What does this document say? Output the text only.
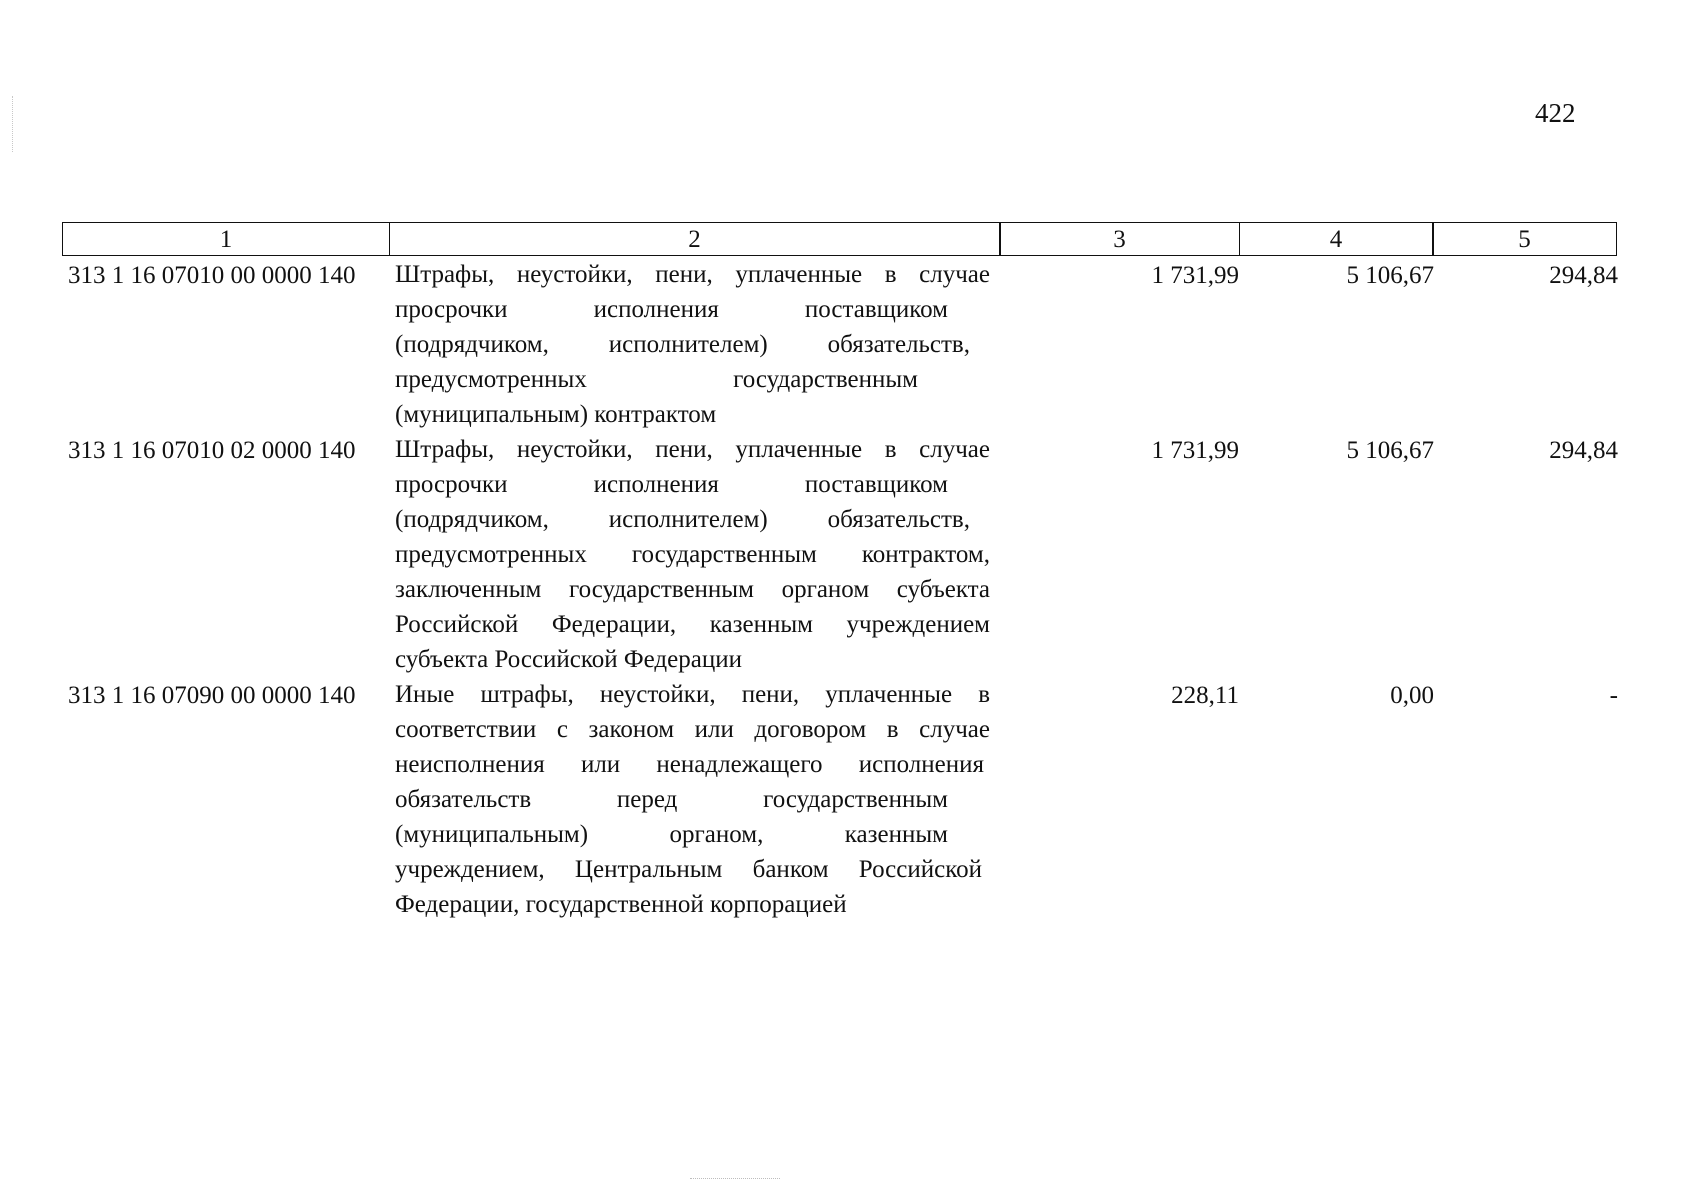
422
1	2	3	4	5
313 1 16 07010 00 0000 140	Штрафы, неустойки, пени, уплаченные в случае
просрочки исполнения поставщиком
(подрядчиком, исполнителем) обязательств,
предусмотренных государственным
(муниципальным) контрактом
1 731,99	5 106,67	294,84
313 1 16 07010 02 0000 140	Штрафы, неустойки, пени, уплаченные в случае
просрочки исполнения поставщиком
(подрядчиком, исполнителем) обязательств,
предусмотренных государственным контрактом,
заключенным государственным органом субъекта
Российской Федерации, казенным учреждением
субъекта Российской Федерации
1 731,99	5 106,67	294,84
313 1 16 07090 00 0000 140	Иные штрафы, неустойки, пени, уплаченные в
соответствии с законом или договором в случае
неисполнения или ненадлежащего исполнения
обязательств перед государственным
(муниципальным) органом, казенным
учреждением, Центральным банком Российской
Федерации, государственной корпорацией
228,11	0,00	-
